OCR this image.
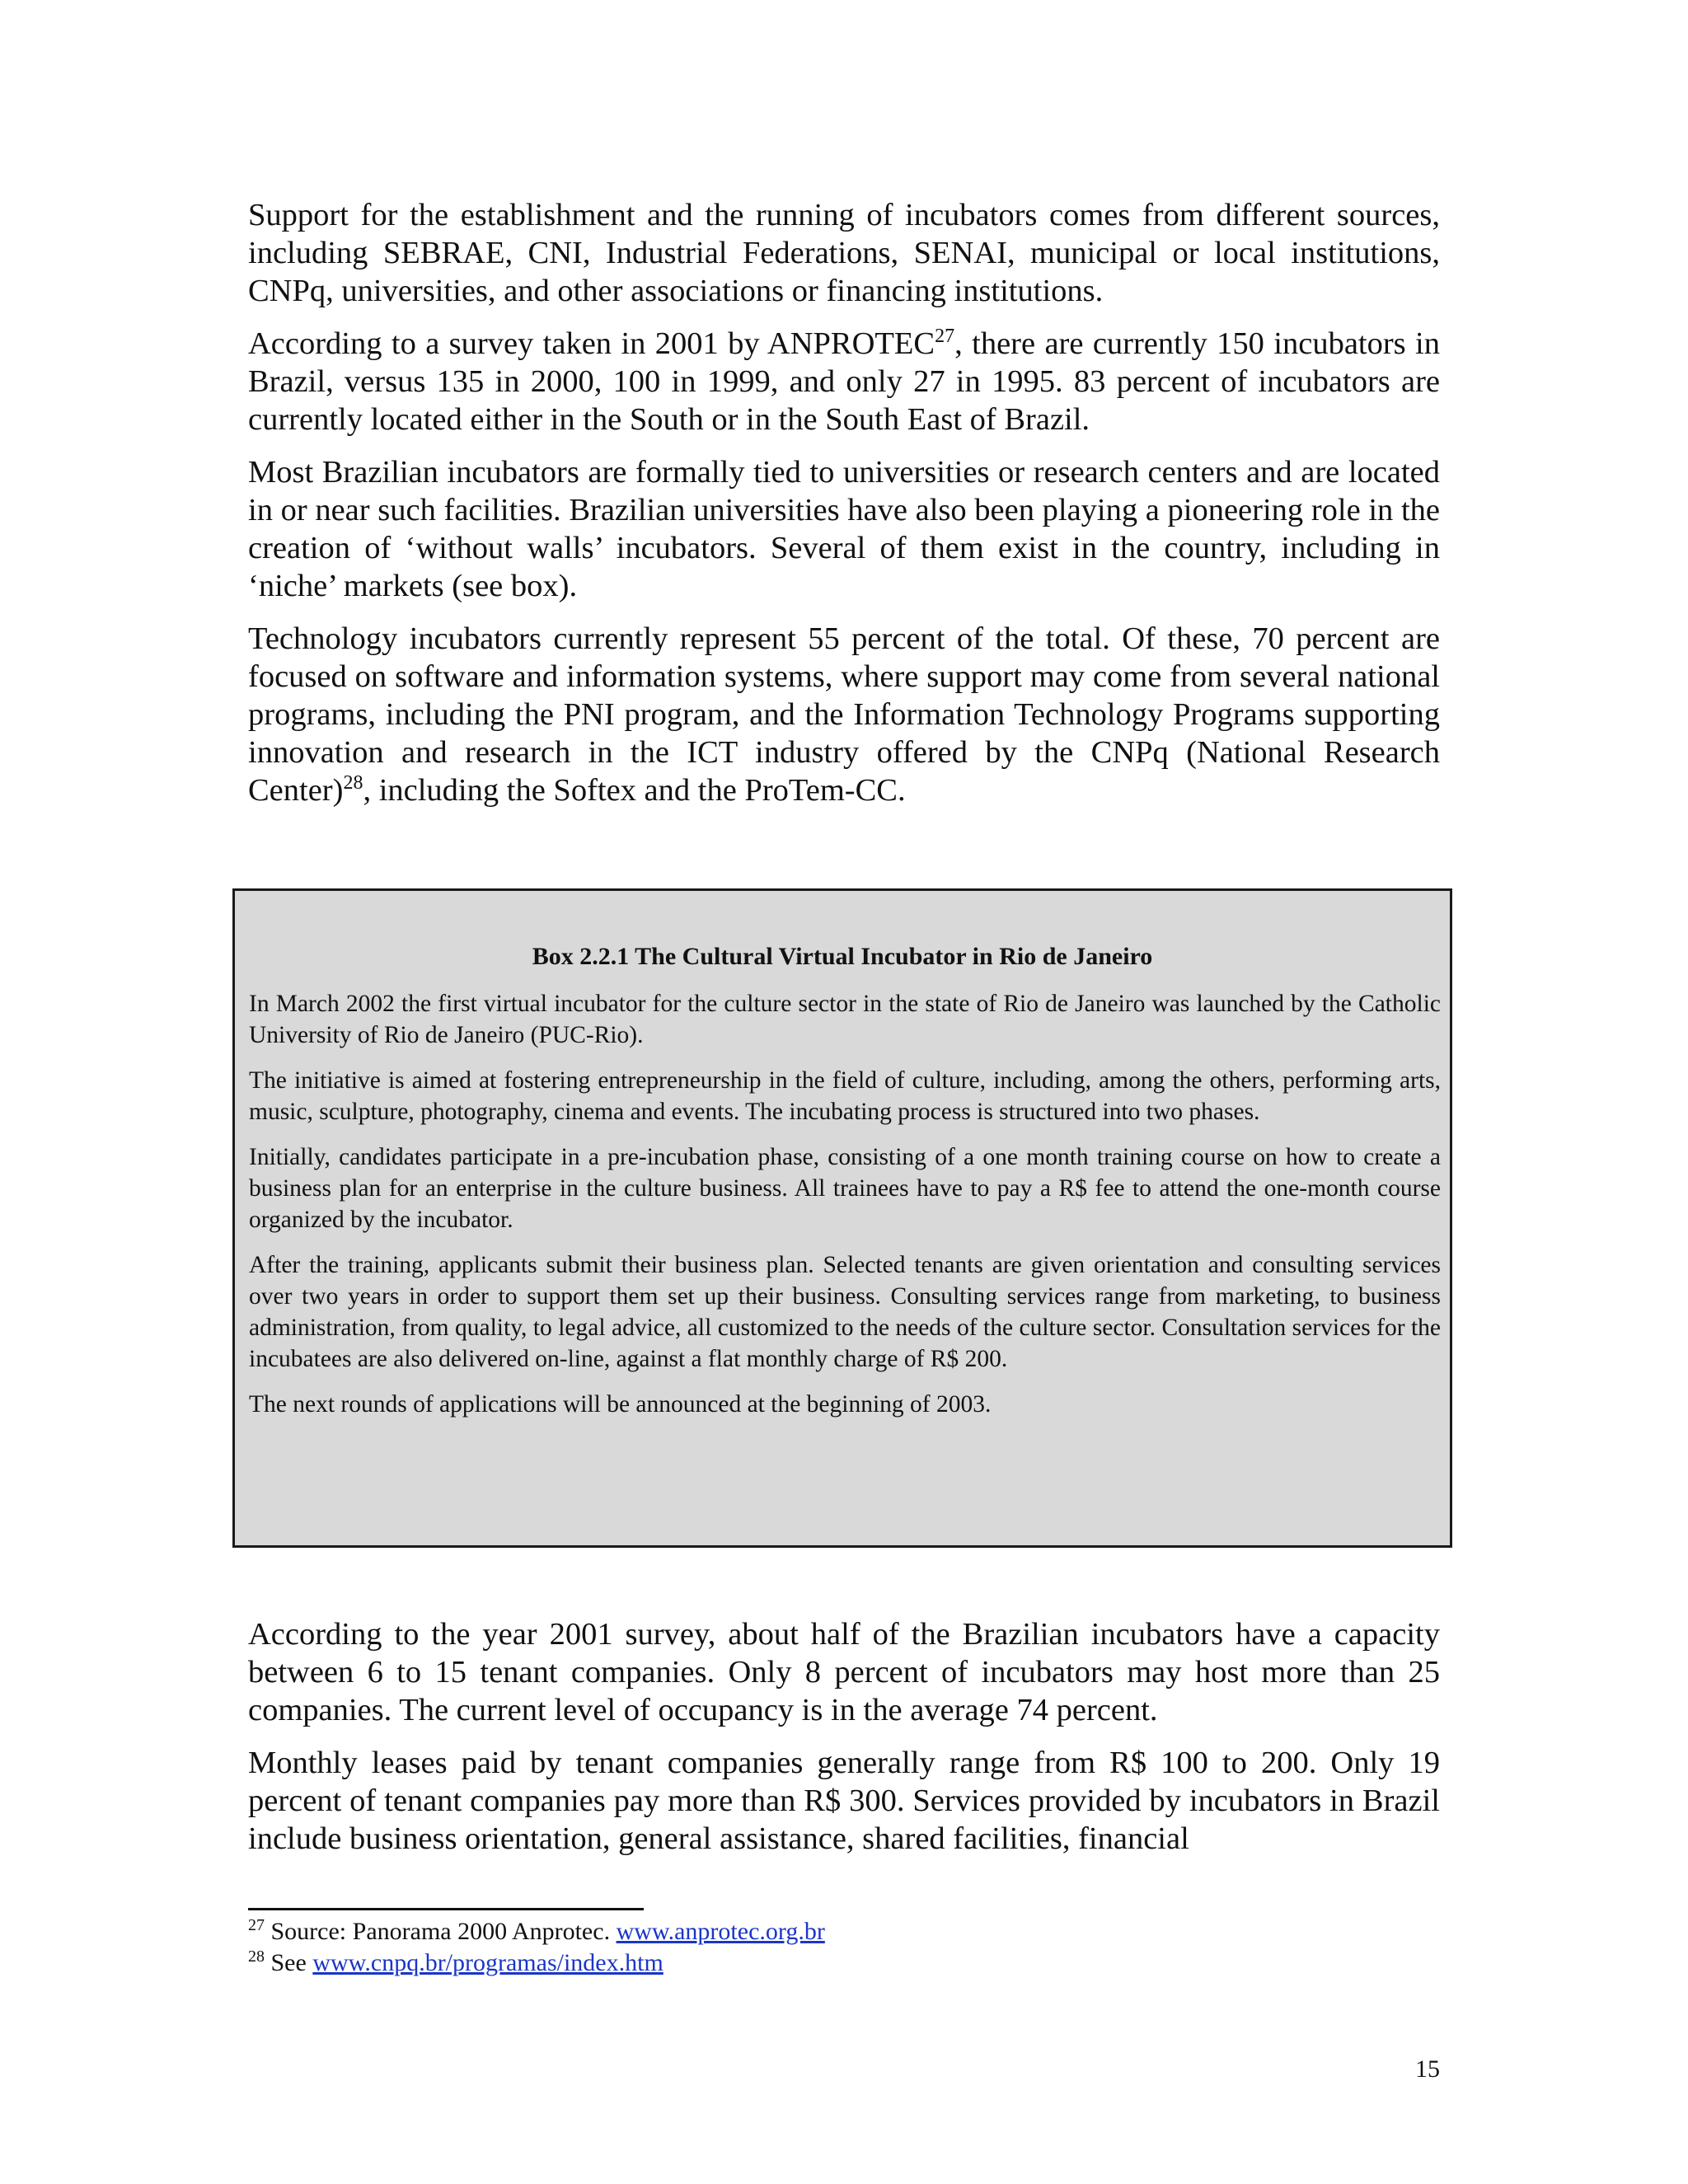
Support for the establishment and the running of incubators comes from different sources, including SEBRAE, CNI, Industrial Federations, SENAI, municipal or local institutions, CNPq, universities, and other associations or financing institutions.

According to a survey taken in 2001 by ANPROTEC$^{27}$, there are currently 150 incubators in Brazil, versus 135 in 2000, 100 in 1999, and only 27 in 1995. 83 percent of incubators are currently located either in the South or in the South East of Brazil.

Most Brazilian incubators are formally tied to universities or research centers and are located in or near such facilities. Brazilian universities have also been playing a pioneering role in the creation of ‘without walls’ incubators. Several of them exist in the country, including in ‘niche’ markets (see box).

Technology incubators currently represent 55 percent of the total. Of these, 70 percent are focused on software and information systems, where support may come from several national programs, including the PNI program, and the Information Technology Programs supporting innovation and research in the ICT industry offered by the CNPq (National Research Center)$^{28}$, including the Softex and the ProTem-CC.

Box 2.2.1 The Cultural Virtual Incubator in Rio de Janeiro

In March 2002 the first virtual incubator for the culture sector in the state of Rio de Janeiro was launched by the Catholic University of Rio de Janeiro (PUC-Rio).

The initiative is aimed at fostering entrepreneurship in the field of culture, including, among the others, performing arts, music, sculpture, photography, cinema and events. The incubating process is structured into two phases.

Initially, candidates participate in a pre-incubation phase, consisting of a one month training course on how to create a business plan for an enterprise in the culture business. All trainees have to pay a R$ fee to attend the one-month course organized by the incubator.

After the training, applicants submit their business plan. Selected tenants are given orientation and consulting services over two years in order to support them set up their business. Consulting services range from marketing, to business administration, from quality, to legal advice, all customized to the needs of the culture sector. Consultation services for the incubatees are also delivered on-line, against a flat monthly charge of R$ 200.

The next rounds of applications will be announced at the beginning of 2003.

According to the year 2001 survey, about half of the Brazilian incubators have a capacity between 6 to 15 tenant companies. Only 8 percent of incubators may host more than 25 companies. The current level of occupancy is in the average 74 percent.

Monthly leases paid by tenant companies generally range from R$ 100 to 200. Only 19 percent of tenant companies pay more than R$ 300. Services provided by incubators in Brazil include business orientation, general assistance, shared facilities, financial

$^{27}$ Source: Panorama 2000 Anprotec. www.anprotec.org.br

$^{28}$ See www.cnpq.br/programas/index.htm

15
